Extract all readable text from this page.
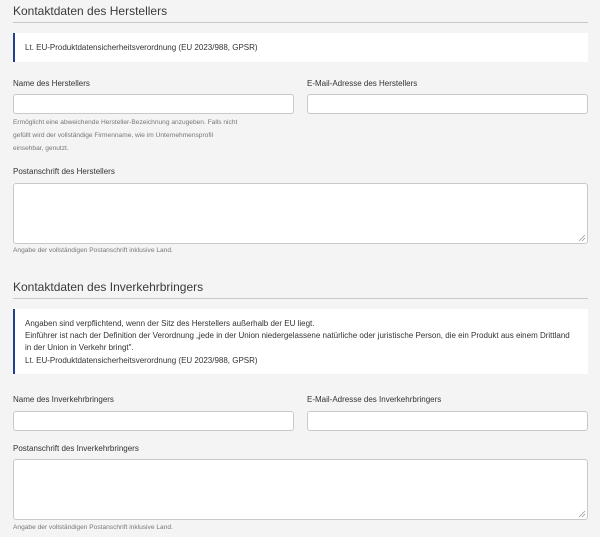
Kontaktdaten des Herstellers
Lt. EU-Produktdatensicherheitsverordnung (EU 2023/988, GPSR)
Name des Herstellers	E-Mail-Adresse des Herstellers
Ermöglicht eine abweichende Hersteller-Bezeichnung anzugeben. Falls nicht
gefüllt wird der vollständige Firmenname, wie im Unternehmensprofil
einsehbar, genutzt.
Postanschrift des Herstellers
Angabe der vollständigen Postanschrift inklusive Land.
Kontaktdaten des Inverkehrbringers
Angaben sind verpflichtend, wenn der Sitz des Herstellers außerhalb der EU liegt.
Einführer ist nach der Definition der Verordnung „jede in der Union niedergelassene natürliche oder juristische Person, die ein Produkt aus einem Drittland in der Union in Verkehr bringt".
Lt. EU-Produktdatensicherheitsverordnung (EU 2023/988, GPSR)
Name des Inverkehrbringers	E-Mail-Adresse des Inverkehrbringers
Postanschrift des Inverkehrbringers
Angabe der vollständigen Postanschrift inklusive Land.
